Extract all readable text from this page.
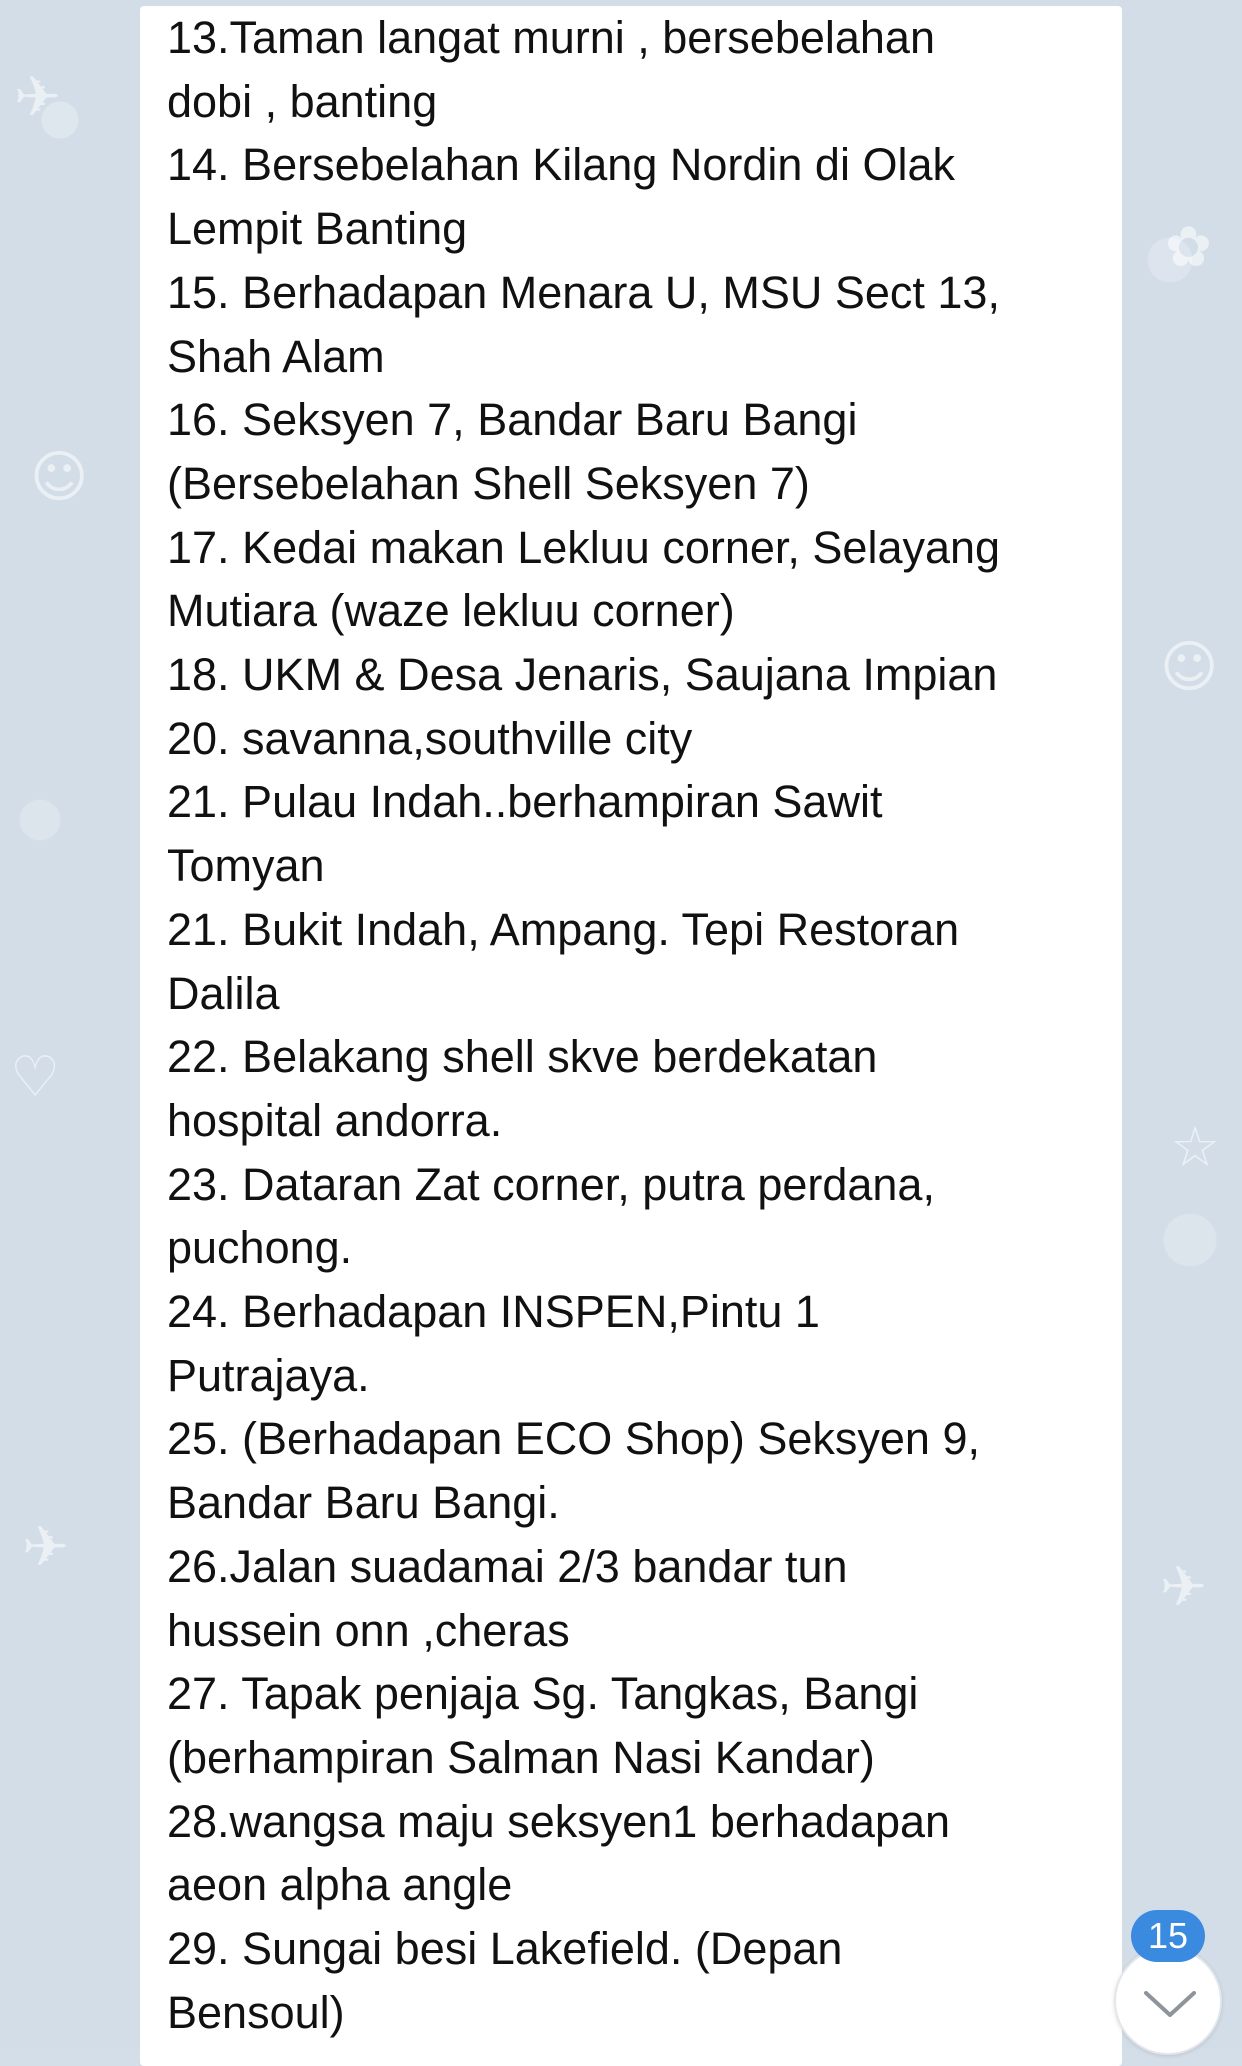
✈
☺
♡
✈
✿
☺
☆
✈

13.Taman langat murni , bersebelahan

dobi , banting

14. Bersebelahan Kilang Nordin di Olak

Lempit Banting

15. Berhadapan Menara U, MSU Sect 13,

Shah Alam

16. Seksyen 7, Bandar Baru Bangi

(Bersebelahan Shell Seksyen 7)

17. Kedai makan Lekluu corner, Selayang

Mutiara (waze lekluu corner)

18. UKM & Desa Jenaris, Saujana Impian

20. savanna,southville city

21. Pulau Indah..berhampiran Sawit

Tomyan

21. Bukit Indah, Ampang. Tepi Restoran

Dalila

22. Belakang shell skve berdekatan

hospital andorra.

23. Dataran Zat corner, putra perdana,

puchong.

24. Berhadapan INSPEN,Pintu 1

Putrajaya.

25. (Berhadapan ECO Shop) Seksyen 9,

Bandar Baru Bangi.

26.Jalan suadamai 2/3 bandar tun

hussein onn ,cheras

27. Tapak penjaja Sg. Tangkas, Bangi

(berhampiran Salman Nasi Kandar)

28.wangsa maju seksyen1 berhadapan

aeon alpha angle

29. Sungai besi Lakefield. (Depan

Bensoul)

15
